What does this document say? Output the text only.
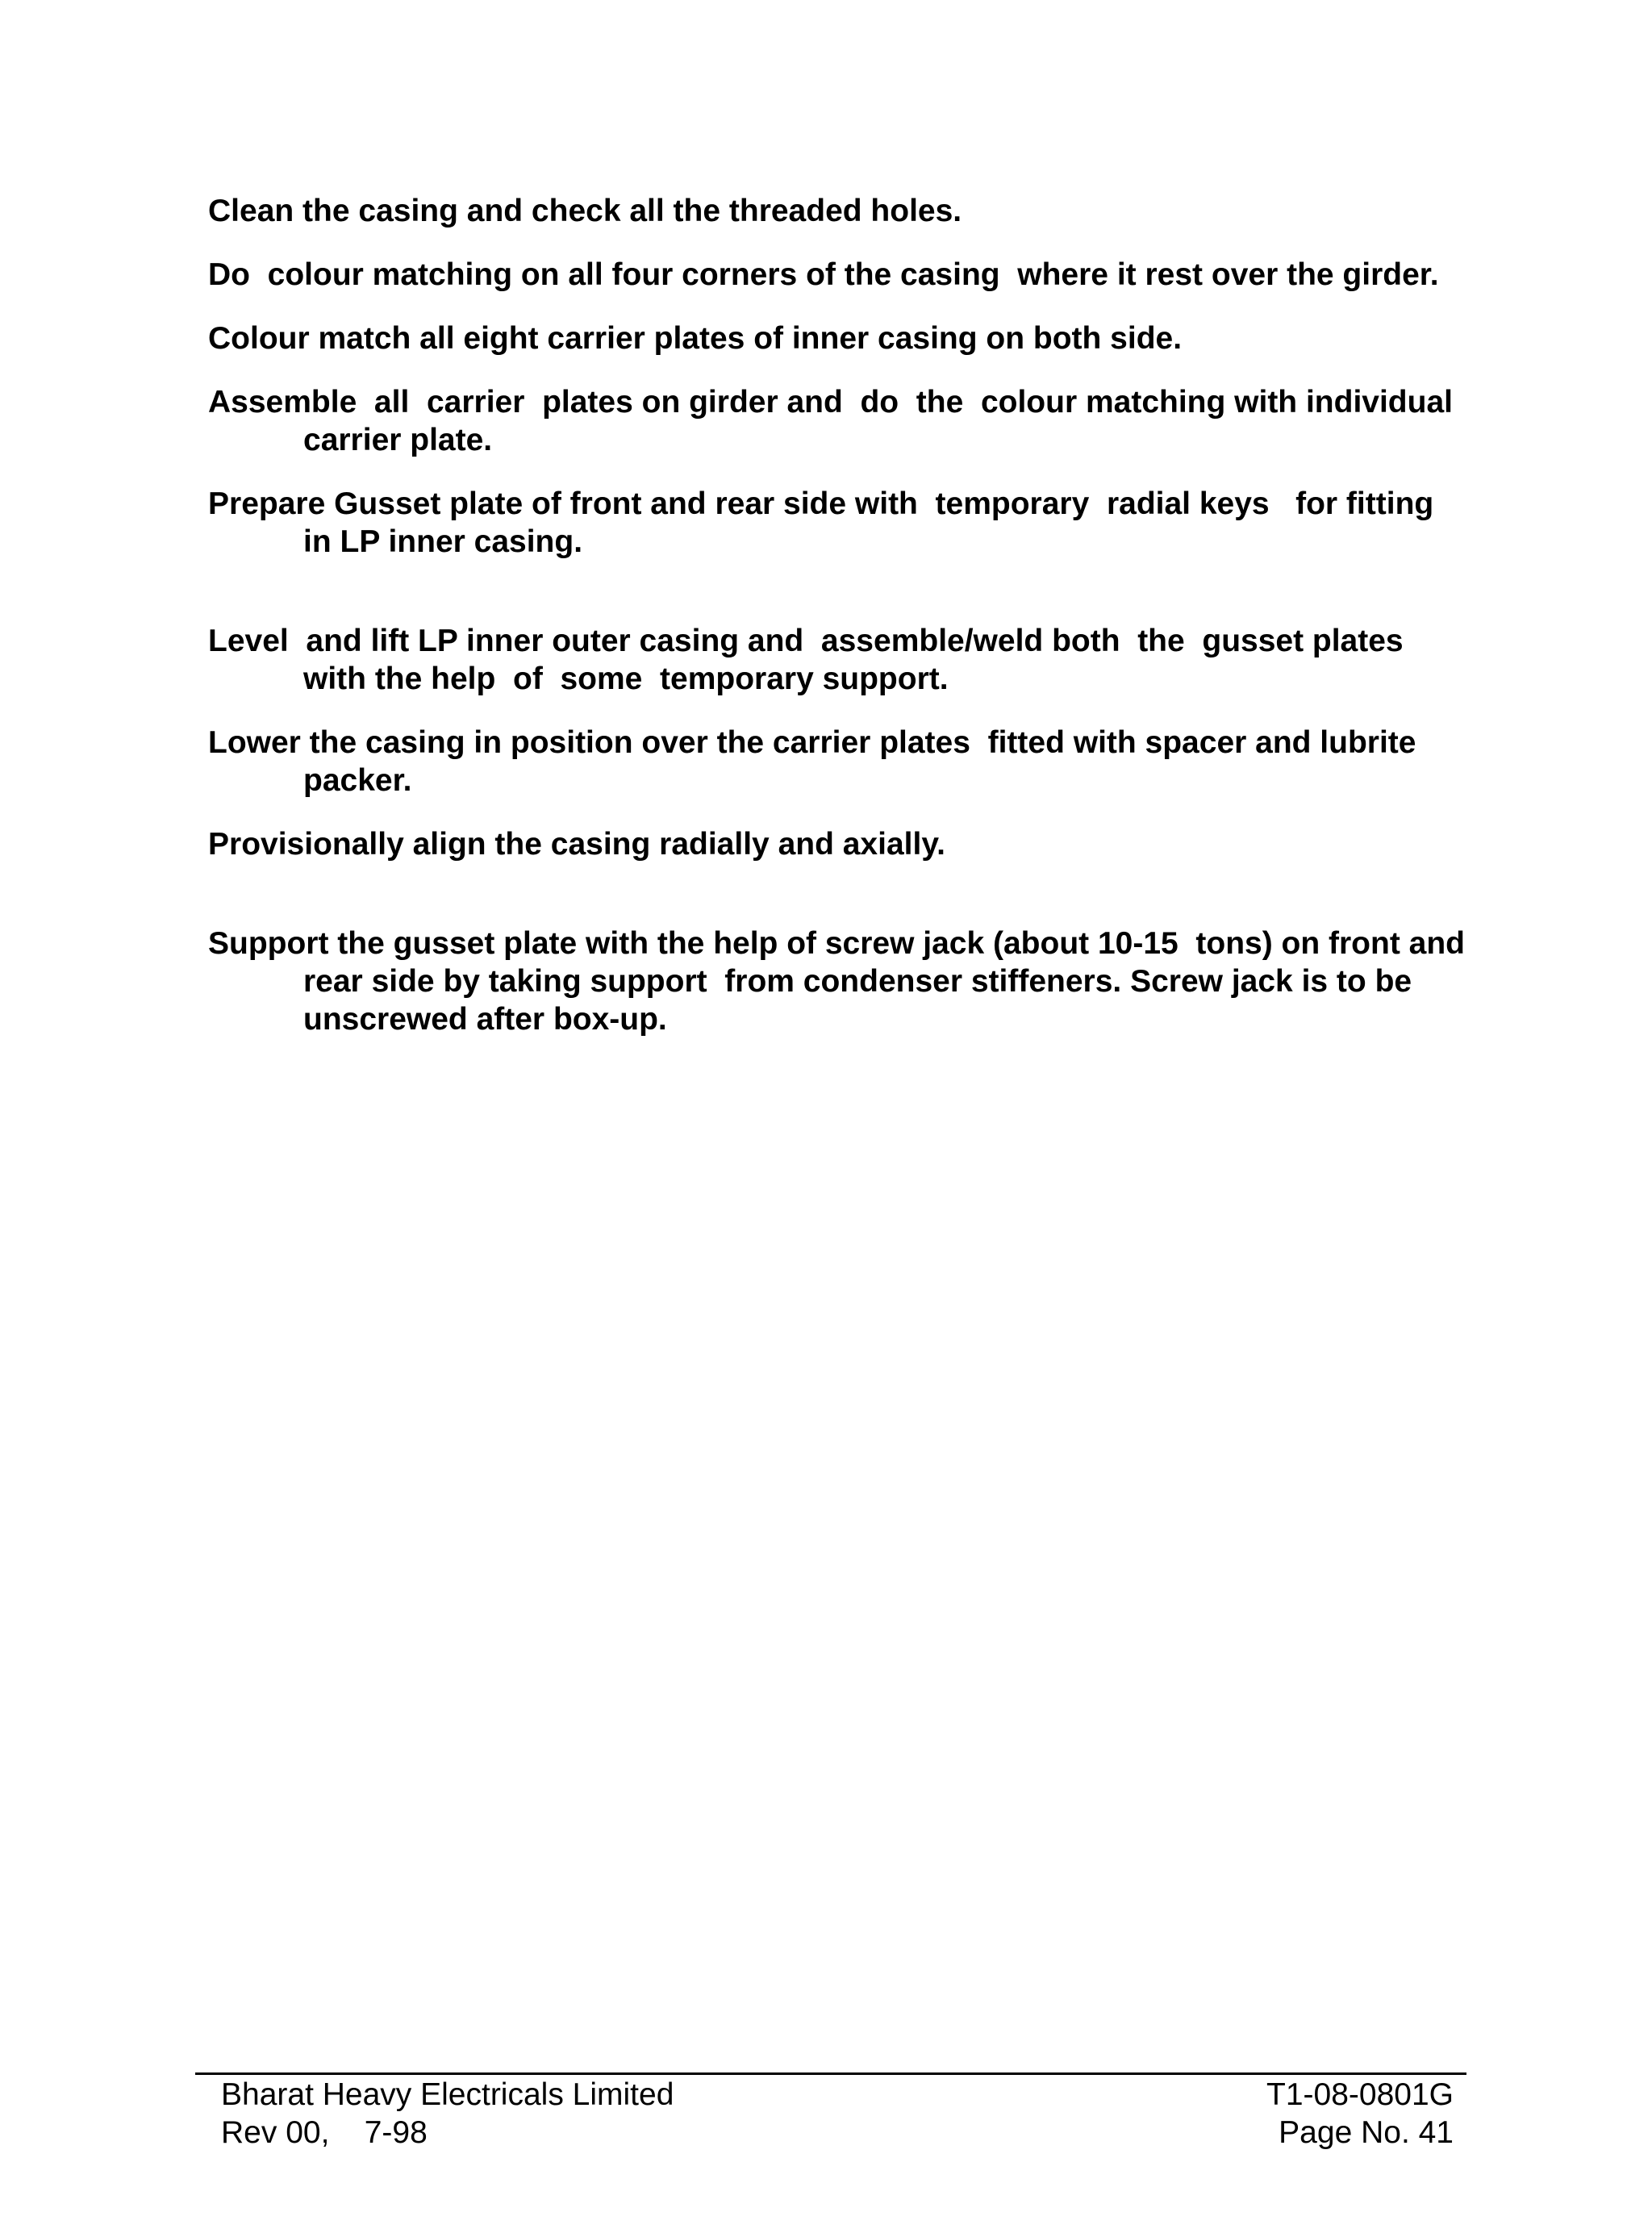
Clean the casing and check all the threaded holes.

Do  colour matching on all four corners of the casing  where it rest over the girder.

Colour match all eight carrier plates of inner casing on both side.

Assemble  all  carrier  plates on girder and  do  the  colour matching with individual carrier plate.

Prepare Gusset plate of front and rear side with  temporary  radial keys   for fitting in LP inner casing.

Level  and lift LP inner outer casing and  assemble/weld both  the  gusset plates with the help  of  some  temporary support.

Lower the casing in position over the carrier plates  fitted with spacer and lubrite packer.

Provisionally align the casing radially and axially.

Support the gusset plate with the help of screw jack (about 10-15  tons) on front and rear side by taking support  from condenser stiffeners. Screw jack is to be unscrewed after box-up.

Bharat Heavy Electricals Limited	T1-08-0801G
Rev 00,    7-98	Page No. 41
